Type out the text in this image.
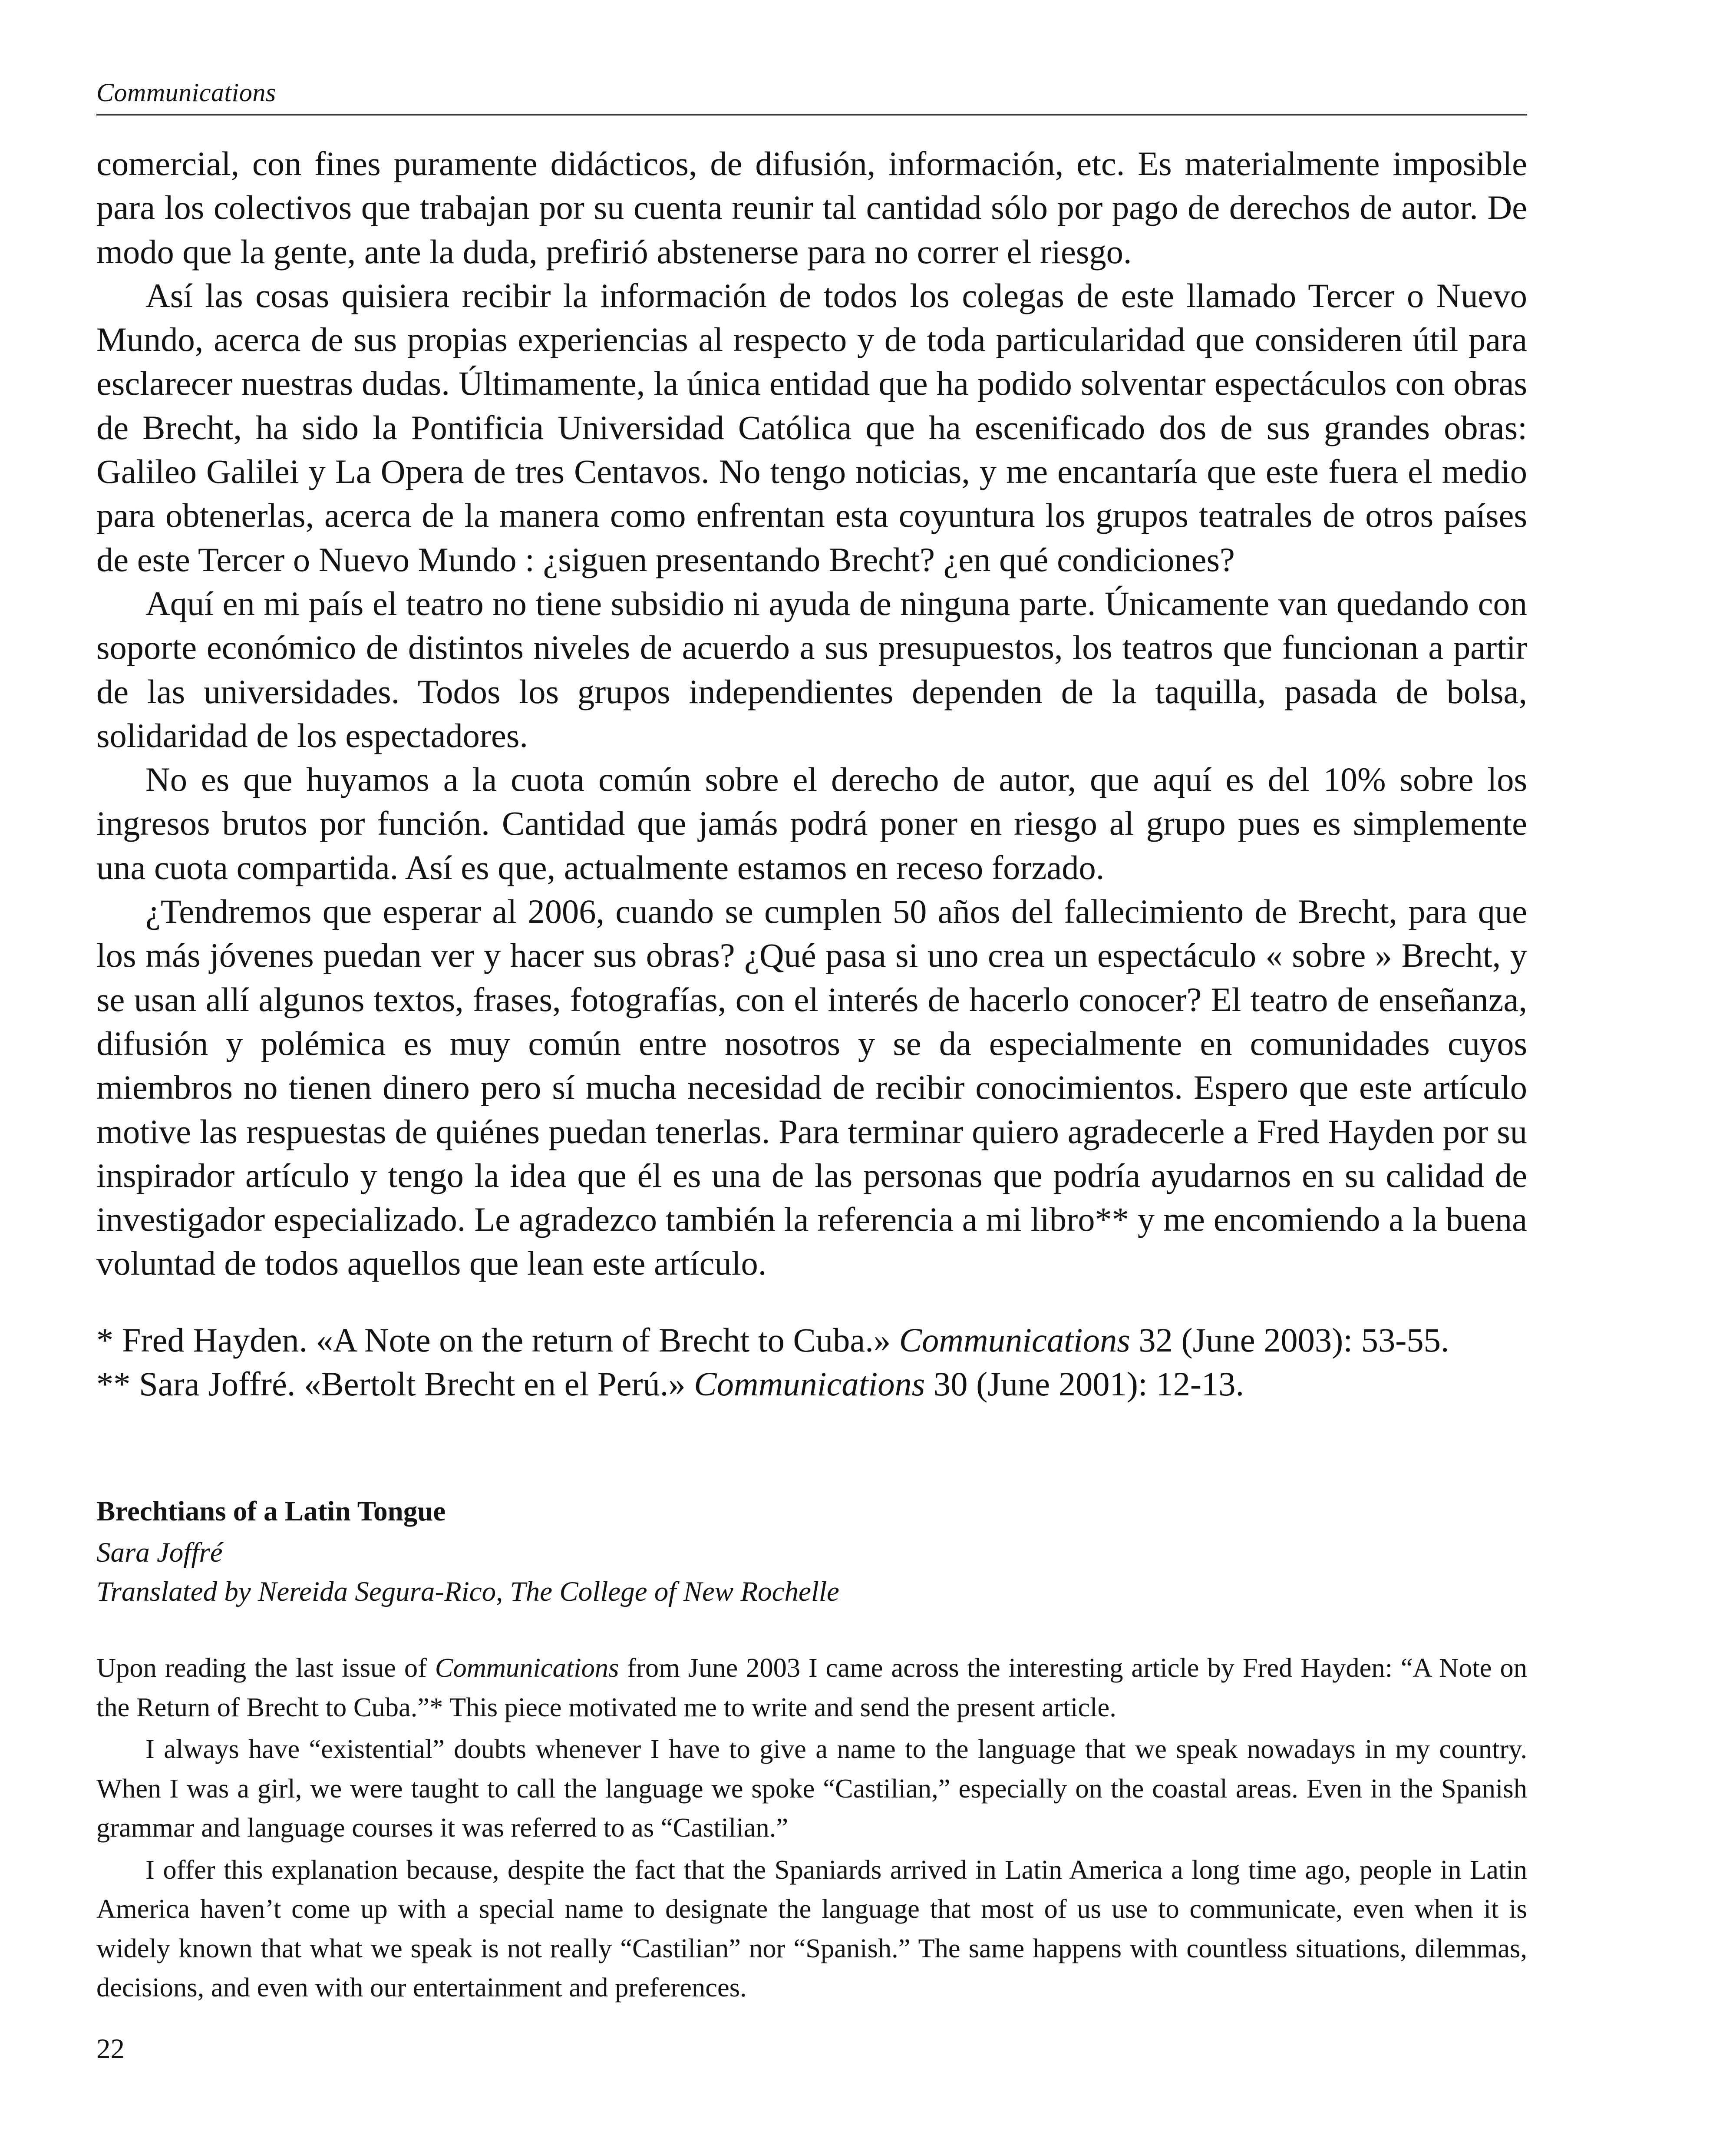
Communications

comercial, con fines puramente didácticos, de difusión, información, etc. Es materialmente imposible para los colectivos que trabajan por su cuenta reunir tal cantidad sólo por pago de derechos de autor. De modo que la gente, ante la duda, prefirió abstenerse para no correr el riesgo.

Así las cosas quisiera recibir la información de todos los colegas de este llamado Tercer o Nuevo Mundo, acerca de sus propias experiencias al respecto y de toda particularidad que consideren útil para esclarecer nuestras dudas. Últimamente, la única entidad que ha podido solventar espectáculos con obras de Brecht, ha sido la Pontificia Universidad Católica que ha escenificado dos de sus grandes obras: Galileo Galilei y La Opera de tres Centavos. No tengo noticias, y me encantaría que este fuera el medio para obtenerlas, acerca de la manera como enfrentan esta coyuntura los grupos teatrales de otros países de este Tercer o Nuevo Mundo : ¿siguen presentando Brecht? ¿en qué condiciones?

Aquí en mi país el teatro no tiene subsidio ni ayuda de ninguna parte. Únicamente van quedando con soporte económico de distintos niveles de acuerdo a sus presupuestos, los teatros que funcionan a partir de las universidades. Todos los grupos independientes dependen de la taquilla, pasada de bolsa, solidaridad de los espectadores.

No es que huyamos a la cuota común sobre el derecho de autor, que aquí es del 10% sobre los ingresos brutos por función. Cantidad que jamás podrá poner en riesgo al grupo pues es simplemente una cuota compartida. Así es que, actualmente estamos en receso forzado.

¿Tendremos que esperar al 2006, cuando se cumplen 50 años del fallecimiento de Brecht, para que los más jóvenes puedan ver y hacer sus obras? ¿Qué pasa si uno crea un espectáculo « sobre » Brecht, y se usan allí algunos textos, frases, fotografías, con el interés de hacerlo conocer? El teatro de enseñanza, difusión y polémica es muy común entre nosotros y se da especialmente en comunidades cuyos miembros no tienen dinero pero sí mucha necesidad de recibir conocimientos. Espero que este artículo motive las respuestas de quiénes puedan tenerlas. Para terminar quiero agradecerle a Fred Hayden por su inspirador artículo y tengo la idea que él es una de las personas que podría ayudarnos en su calidad de investigador especializado. Le agradezco también la referencia a mi libro** y me encomiendo a la buena voluntad de todos aquellos que lean este artículo.

* Fred Hayden. «A Note on the return of Brecht to Cuba.» Communications 32 (June 2003): 53-55.

** Sara Joffré. «Bertolt Brecht en el Perú.» Communications 30 (June 2001): 12-13.

Brechtians of a Latin Tongue
Sara Joffré
Translated by Nereida Segura-Rico, The College of New Rochelle

Upon reading the last issue of Communications from June 2003 I came across the interesting article by Fred Hayden: “A Note on the Return of Brecht to Cuba.”* This piece motivated me to write and send the present article.

I always have “existential” doubts whenever I have to give a name to the language that we speak nowadays in my country. When I was a girl, we were taught to call the language we spoke “Castilian,” especially on the coastal areas. Even in the Spanish grammar and language courses it was referred to as “Castilian.”

I offer this explanation because, despite the fact that the Spaniards arrived in Latin America a long time ago, people in Latin America haven’t come up with a special name to designate the language that most of us use to communicate, even when it is widely known that what we speak is not really “Castilian” nor “Spanish.” The same happens with countless situations, dilemmas, decisions, and even with our entertainment and preferences.

22
